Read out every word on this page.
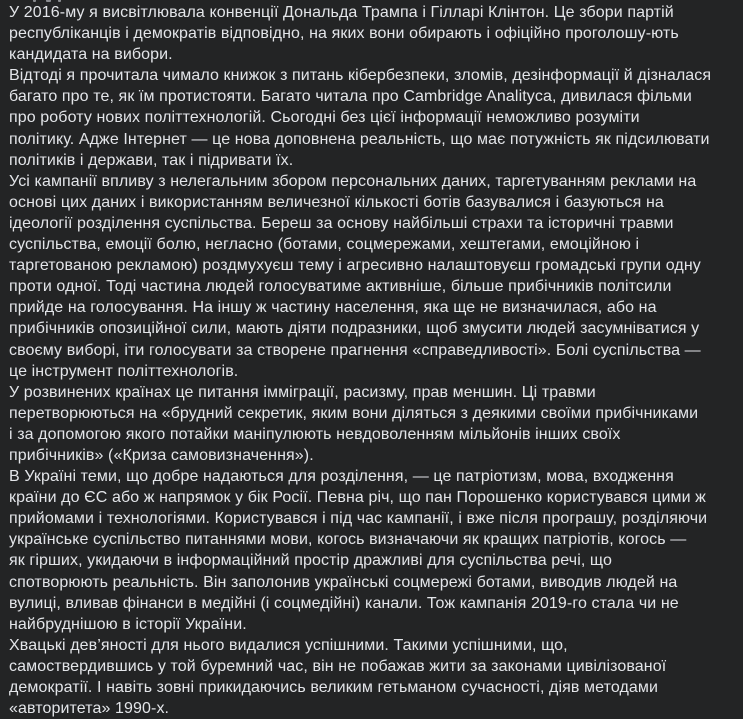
У 2016-му я висвітлювала конвенції Дональда Трампа і Гілларі Клінтон. Це збори партій
республіканців і демократів відповідно, на яких вони обирають і офіційно проголошу-ють
кандидата на вибори.

Відтоді я прочитала чимало книжок з питань кібербезпеки, зломів, дезінформації й дізналася
багато про те, як їм протистояти. Багато читала про Cambridge Analityca, дивилася фільми
про роботу нових політтехнологій. Сьогодні без цієї інформації неможливо розуміти
політику. Адже Інтернет — це нова доповнена реальність, що має потужність як підсилювати
політиків і держави, так і підривати їх.

Усі кампанії впливу з нелегальним збором персональних даних, таргетуванням реклами на
основі цих даних і використанням величезної кількості ботів базувалися і базуються на
ідеології розділення суспільства. Береш за основу найбільші страхи та історичні травми
суспільства, емоції болю, негласно (ботами, соцмережами, хештегами, емоційною і
таргетованою рекламою) роздмухуєш тему і агресивно налаштовуєш громадські групи одну
проти одної. Тоді частина людей голосуватиме активніше, більше прибічників політсили
прийде на голосування. На іншу ж частину населення, яка ще не визначилася, або на
прибічників опозиційної сили, мають діяти подразники, щоб змусити людей засумніватися у
своєму виборі, іти голосувати за створене прагнення «справедливості». Болі суспільства —
це інструмент політтехнологів.

У розвинених країнах це питання імміграції, расизму, прав меншин. Ці травми
перетворюються на «брудний секретик, яким вони діляться з деякими своїми прибічниками
і за допомогою якого потайки маніпулюють невдоволенням мільйонів інших своїх
прибічників» («Криза самовизначення»).

В Україні теми, що добре надаються для розділення, — це патріотизм, мова, входження
країни до ЄС або ж напрямок у бік Росії. Певна річ, що пан Порошенко користувався цими ж
прийомами і технологіями. Користувався і під час кампанії, і вже після програшу, розділяючи
українське суспільство питаннями мови, когось визначаючи як кращих патріотів, когось —
як гірших, укидаючи в інформаційний простір дражливі для суспільства речі, що
спотворюють реальність. Він заполонив українські соцмережі ботами, виводив людей на
вулиці, вливав фінанси в медійні (і соцмедійні) канали. Тож кампанія 2019-го стала чи не
найбруднішою в історії України.

Хвацькі дев’яності для нього видалися успішними. Такими успішними, що,
самоствердившись у той буремний час, він не побажав жити за законами цивілізованої
демократії. І навіть зовні прикидаючись великим гетьманом сучасності, діяв методами
«авторитета» 1990-х.
